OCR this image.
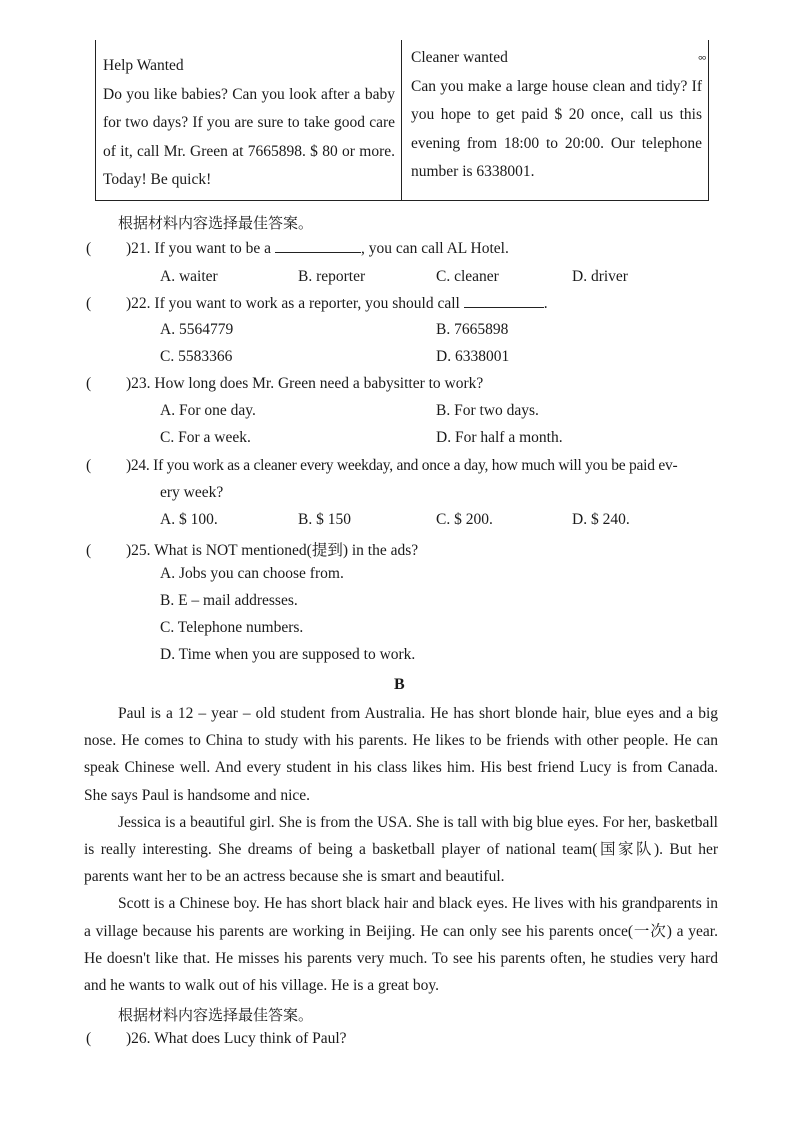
Help Wanted
Do you like babies? Can you look after a baby for two days? If you are sure to take good care of it, call Mr. Green at 7665898. $ 80 or more. Today! Be quick!
°°
Cleaner wanted
Can you make a large house clean and tidy? If you hope to get paid $ 20 once, call us this evening from 18:00 to 20:00. Our telephone number is 6338001.
根据材料内容选择最佳答案。
( )21. If you want to be a	, you can call AL Hotel.
A. waiter	B. reporter	C. cleaner	D. driver
( )22. If you want to work as a reporter, you should call	.
A. 5564779	B. 7665898
C. 5583366	D. 6338001
( )23. How long does Mr. Green need a babysitter to work?
A. For one day.	B. For two days.
C. For a week.	D. For half a month.
( )24. If you work as a cleaner every weekday, and once a day, how much will you be paid ev-
ery week?
A. $ 100.	B. $ 150	C. $ 200.	D. $ 240.
( )25. What is NOT mentioned(提到) in the ads?
A. Jobs you can choose from.
B. E – mail addresses.
C. Telephone numbers.
D. Time when you are supposed to work.
B

Paul is a 12 – year – old student from Australia. He has short blonde hair, blue eyes and a big nose. He comes to China to study with his parents. He likes to be friends with other people. He can speak Chinese well. And every student in his class likes him. His best friend Lucy is from Canada. She says Paul is handsome and nice.

Jessica is a beautiful girl. She is from the USA. She is tall with big blue eyes. For her, basketball is really interesting. She dreams of being a basketball player of national team(国家队). But her parents want her to be an actress because she is smart and beautiful.

Scott is a Chinese boy. He has short black hair and black eyes. He lives with his grandparents in a village because his parents are working in Beijing. He can only see his parents once(一次) a year. He doesn't like that. He misses his parents very much. To see his parents often, he studies very hard and he wants to walk out of his village. He is a great boy.

根据材料内容选择最佳答案。
( )26. What does Lucy think of Paul?
